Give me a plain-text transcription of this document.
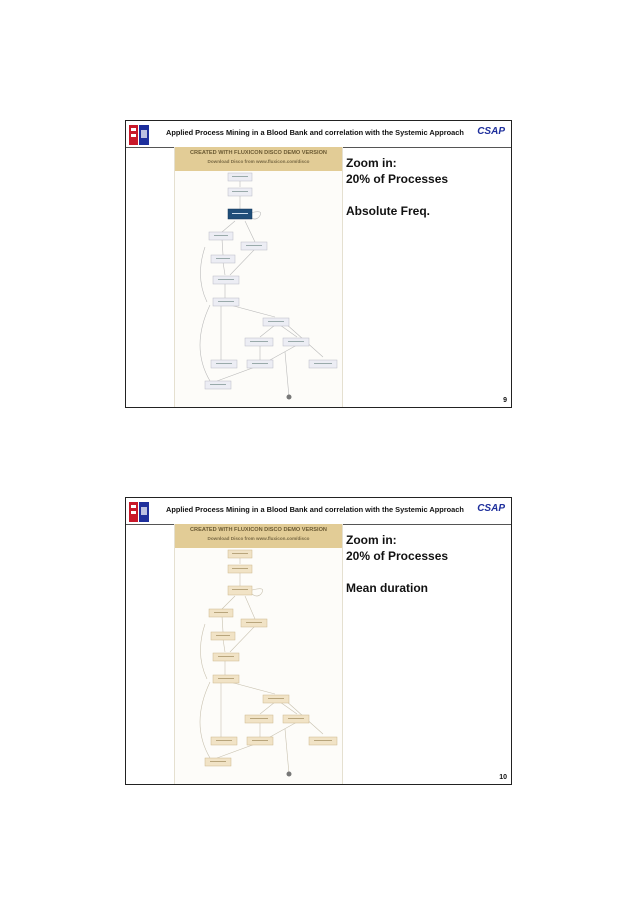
Applied Process Mining in a Blood Bank and correlation with the Systemic Approach CSAP
CREATED WITH FLUXICON DISCO DEMO VERSION
Download Disco from www.fluxicon.com/disco	Zoom in:
20% of Processes
Absolute Freq.
9
Applied Process Mining in a Blood Bank and correlation with the Systemic Approach CSAP
CREATED WITH FLUXICON DISCO DEMO VERSION
Download Disco from www.fluxicon.com/disco	Zoom in:
20% of Processes
Mean duration
10
